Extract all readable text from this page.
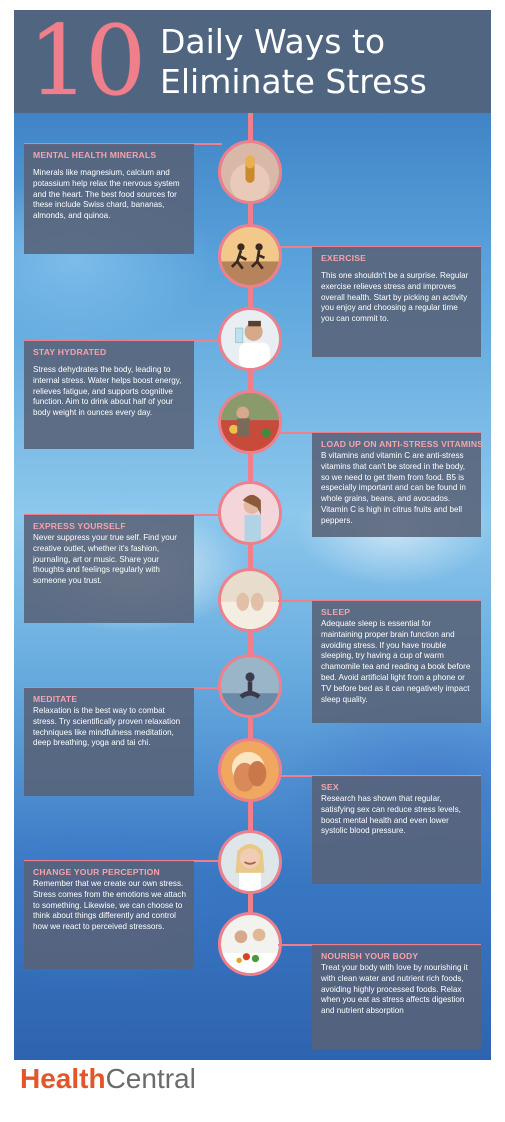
10 Daily Ways to
Eliminate Stress
MENTAL HEALTH MINERALS
Minerals like magnesium, calcium and potassium help relax the nervous system and the heart. The best food sources for these include Swiss chard, bananas, almonds, and quinoa.
EXERCISE
This one shouldn't be a surprise. Regular exercise relieves stress and improves overall health. Start by picking an activity you enjoy and choosing a regular time you can commit to.
STAY HYDRATED
Stress dehydrates the body, leading to internal stress. Water helps boost energy, relieves fatigue, and supports cognitive function. Aim to drink about half of your body weight in ounces every day.
LOAD UP ON ANTI-STRESS VITAMINS
B vitamins and vitamin C are anti-stress vitamins that can't be stored in the body, so we need to get them from food. B5 is especially important and can be found in whole grains, beans, and avocados. Vitamin C is high in citrus fruits and bell peppers.
EXPRESS YOURSELF
Never suppress your true self. Find your creative outlet, whether it's fashion, journaling, art or music. Share your thoughts and feelings regularly with someone you trust.
SLEEP
Adequate sleep is essential for maintaining proper brain function and avoiding stress. If you have trouble sleeping, try having a cup of warm chamomile tea and reading a book before bed. Avoid artificial light from a phone or TV before bed as it can negatively impact sleep quality.
MEDITATE
Relaxation is the best way to combat stress. Try scientifically proven relaxation techniques like mindfulness meditation, deep breathing, yoga and tai chi.
SEX
Research has shown that regular, satisfying sex can reduce stress levels, boost mental health and even lower systolic blood pressure.
CHANGE YOUR PERCEPTION
Remember that we create our own stress. Stress comes from the emotions we attach to something. Likewise, we can choose to think about things differently and control how we react to perceived stressors.
NOURISH YOUR BODY
Treat your body with love by nourishing it with clean water and nutrient rich foods, avoiding highly processed foods. Relax when you eat as stress affects digestion and nutrient absorption
HealthCentral
